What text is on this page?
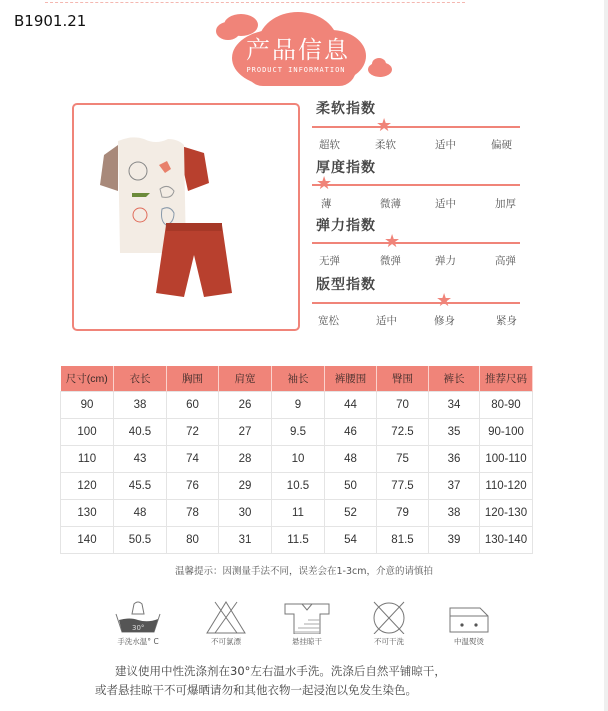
B1901.21
产品信息
PRODUCT INFORMATION
柔软指数
★
超软	柔软	适中	偏硬
厚度指数
★
薄	微薄	适中	加厚
弹力指数
★
无弹	微弹	弹力	高弹
版型指数
★
宽松	适中	修身	紧身
尺寸(cm)	衣长	胸围	肩宽	袖长	裤腰围	臀围	裤长	推荐尺码
90	38	60	26	9	44	70	34	80-90
100	40.5	72	27	9.5	46	72.5	35	90-100
110	43	74	28	10	48	75	36	100-110
120	45.5	76	29	10.5	50	77.5	37	110-120
130	48	78	30	11	52	79	38	120-130
140	50.5	80	31	11.5	54	81.5	39	130-140
温馨提示：因测量手法不同，误差会在1-3cm，介意的请慎拍
30°
手洗水温° C	不可氯漂	悬挂晾干	不可干洗	中温熨烫

建议使用中性洗涤剂在30°左右温水手洗。洗涤后自然平铺晾干，

或者悬挂晾干不可爆晒请勿和其他衣物一起浸泡以免发生染色。
